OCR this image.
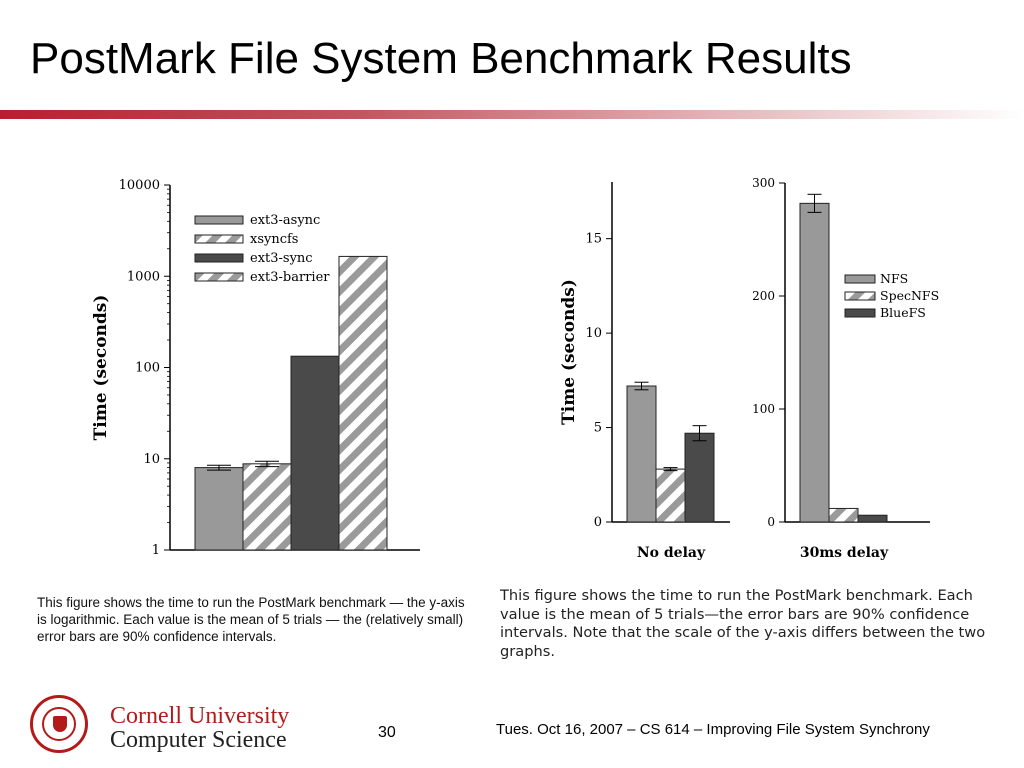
PostMark File System Benchmark Results
1
10
100
1000
10000
Time (seconds)
ext3-async
xsyncfs
ext3-sync
ext3-barrier
0
5
10
15
Time (seconds)
No delay
0
100
200
300
NFS
SpecNFS
BlueFS
30ms delay
This figure shows the time to run the PostMark benchmark — the y-axis is logarithmic. Each value is the mean of 5 trials — the (relatively small) error bars are 90% confidence intervals.
This figure shows the time to run the PostMark benchmark. Each value is the mean of 5 trials—the error bars are 90% confidence intervals. Note that the scale of the y-axis differs between the two graphs.
Cornell University
Computer Science	30	Tues. Oct 16, 2007 – CS 614 – Improving File System Synchrony
